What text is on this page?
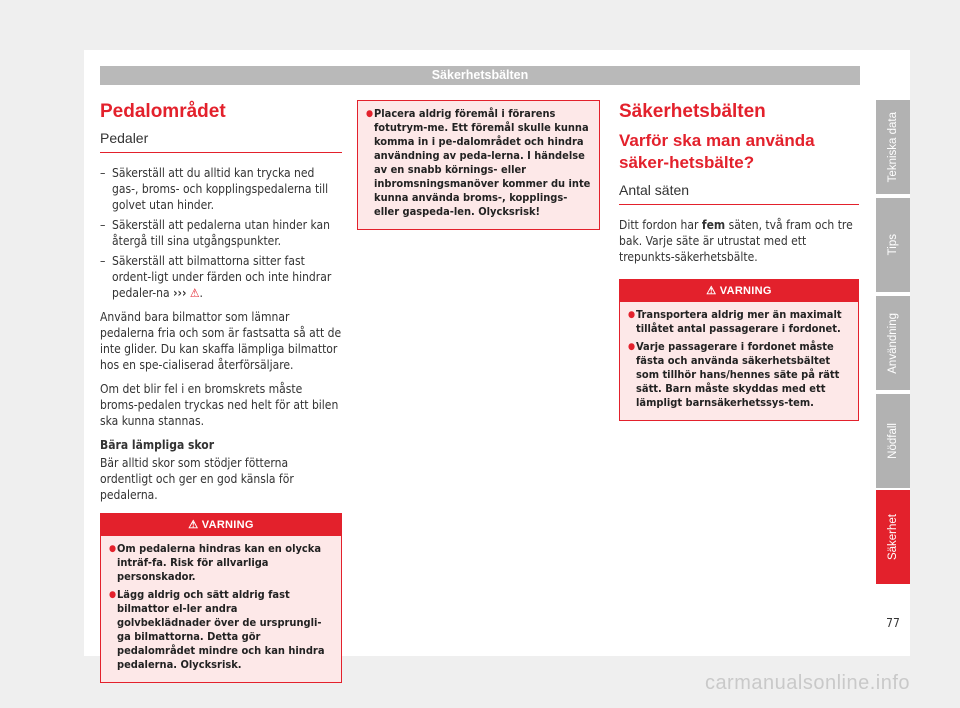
Säkerhetsbälten
Pedalområdet
Pedaler
– Säkerställ att du alltid kan trycka ned gas-, broms- och kopplingspedalerna till golvet utan hinder.
– Säkerställ att pedalerna utan hinder kan återgå till sina utgångspunkter.
– Säkerställ att bilmattorna sitter fast ordent-ligt under färden och inte hindrar pedaler-na ››› ⚠.

Använd bara bilmattor som lämnar pedalerna fria och som är fastsatta så att de inte glider. Du kan skaffa lämpliga bilmattor hos en spe-cialiserad återförsäljare.

Om det blir fel i en bromskrets måste broms-pedalen tryckas ned helt för att bilen ska kunna stannas.

Bära lämpliga skor

Bär alltid skor som stödjer fötterna ordentligt och ger en god känsla för pedalerna.

⚠ VARNING
● Om pedalerna hindras kan en olycka inträf-fa. Risk för allvarliga personskador.
● Lägg aldrig och sätt aldrig fast bilmattor el-ler andra golvbeklädnader över de ursprungli-ga bilmattorna. Detta gör pedalområdet mindre och kan hindra pedalerna. Olycksrisk.
● Placera aldrig föremål i förarens fotutrym-me. Ett föremål skulle kunna komma in i pe-dalområdet och hindra användning av peda-lerna. I händelse av en snabb körnings- eller inbromsningsmanöver kommer du inte kunna använda broms-, kopplings- eller gaspeda-len. Olycksrisk!
Säkerhetsbälten
Varför ska man använda säker-hetsbälte?
Antal säten

Ditt fordon har fem säten, två fram och tre bak. Varje säte är utrustat med ett trepunkts-säkerhetsbälte.

⚠ VARNING
● Transportera aldrig mer än maximalt tillåtet antal passagerare i fordonet.
● Varje passagerare i fordonet måste fästa och använda säkerhetsbältet som tillhör hans/hennes säte på rätt sätt. Barn måste skyddas med ett lämpligt barnsäkerhetssys-tem.
Tekniska data
Tips
Användning
Nödfall
Säkerhet
77
carmanualsonline.info
